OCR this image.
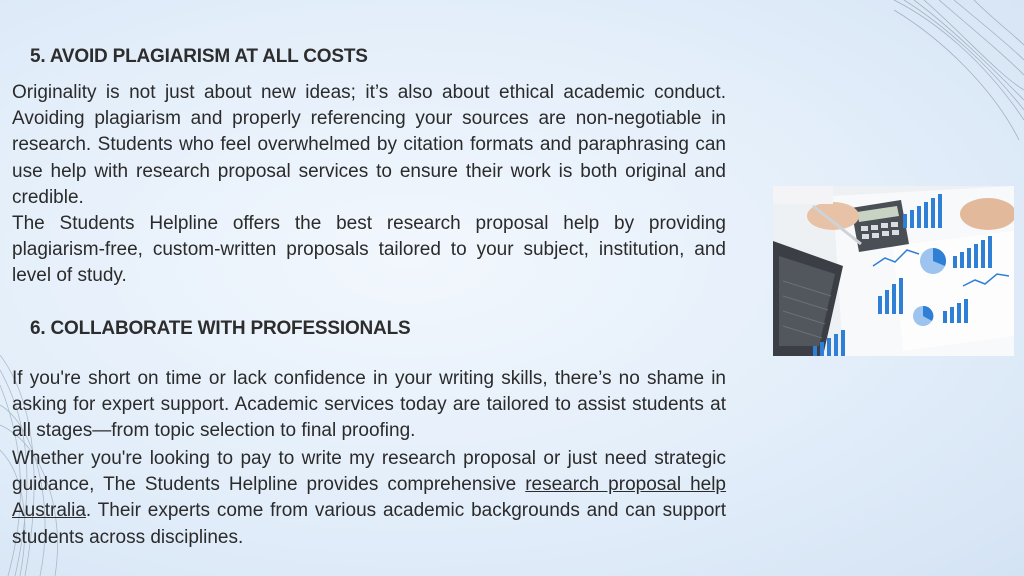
5. AVOID PLAGIARISM AT ALL COSTS

Originality is not just about new ideas; it’s also about ethical academic conduct. Avoiding plagiarism and properly referencing your sources are non-negotiable in research. Students who feel overwhelmed by citation formats and paraphrasing can use help with research proposal services to ensure their work is both original and credible.

The Students Helpline offers the best research proposal help by providing plagiarism-free, custom-written proposals tailored to your subject, institution, and level of study.

6. COLLABORATE WITH PROFESSIONALS

If you're short on time or lack confidence in your writing skills, there’s no shame in asking for expert support. Academic services today are tailored to assist students at all stages—from topic selection to final proofing.

Whether you're looking to pay to write my research proposal or just need strategic guidance, The Students Helpline provides comprehensive research proposal help Australia. Their experts come from various academic backgrounds and can support students across disciplines.
